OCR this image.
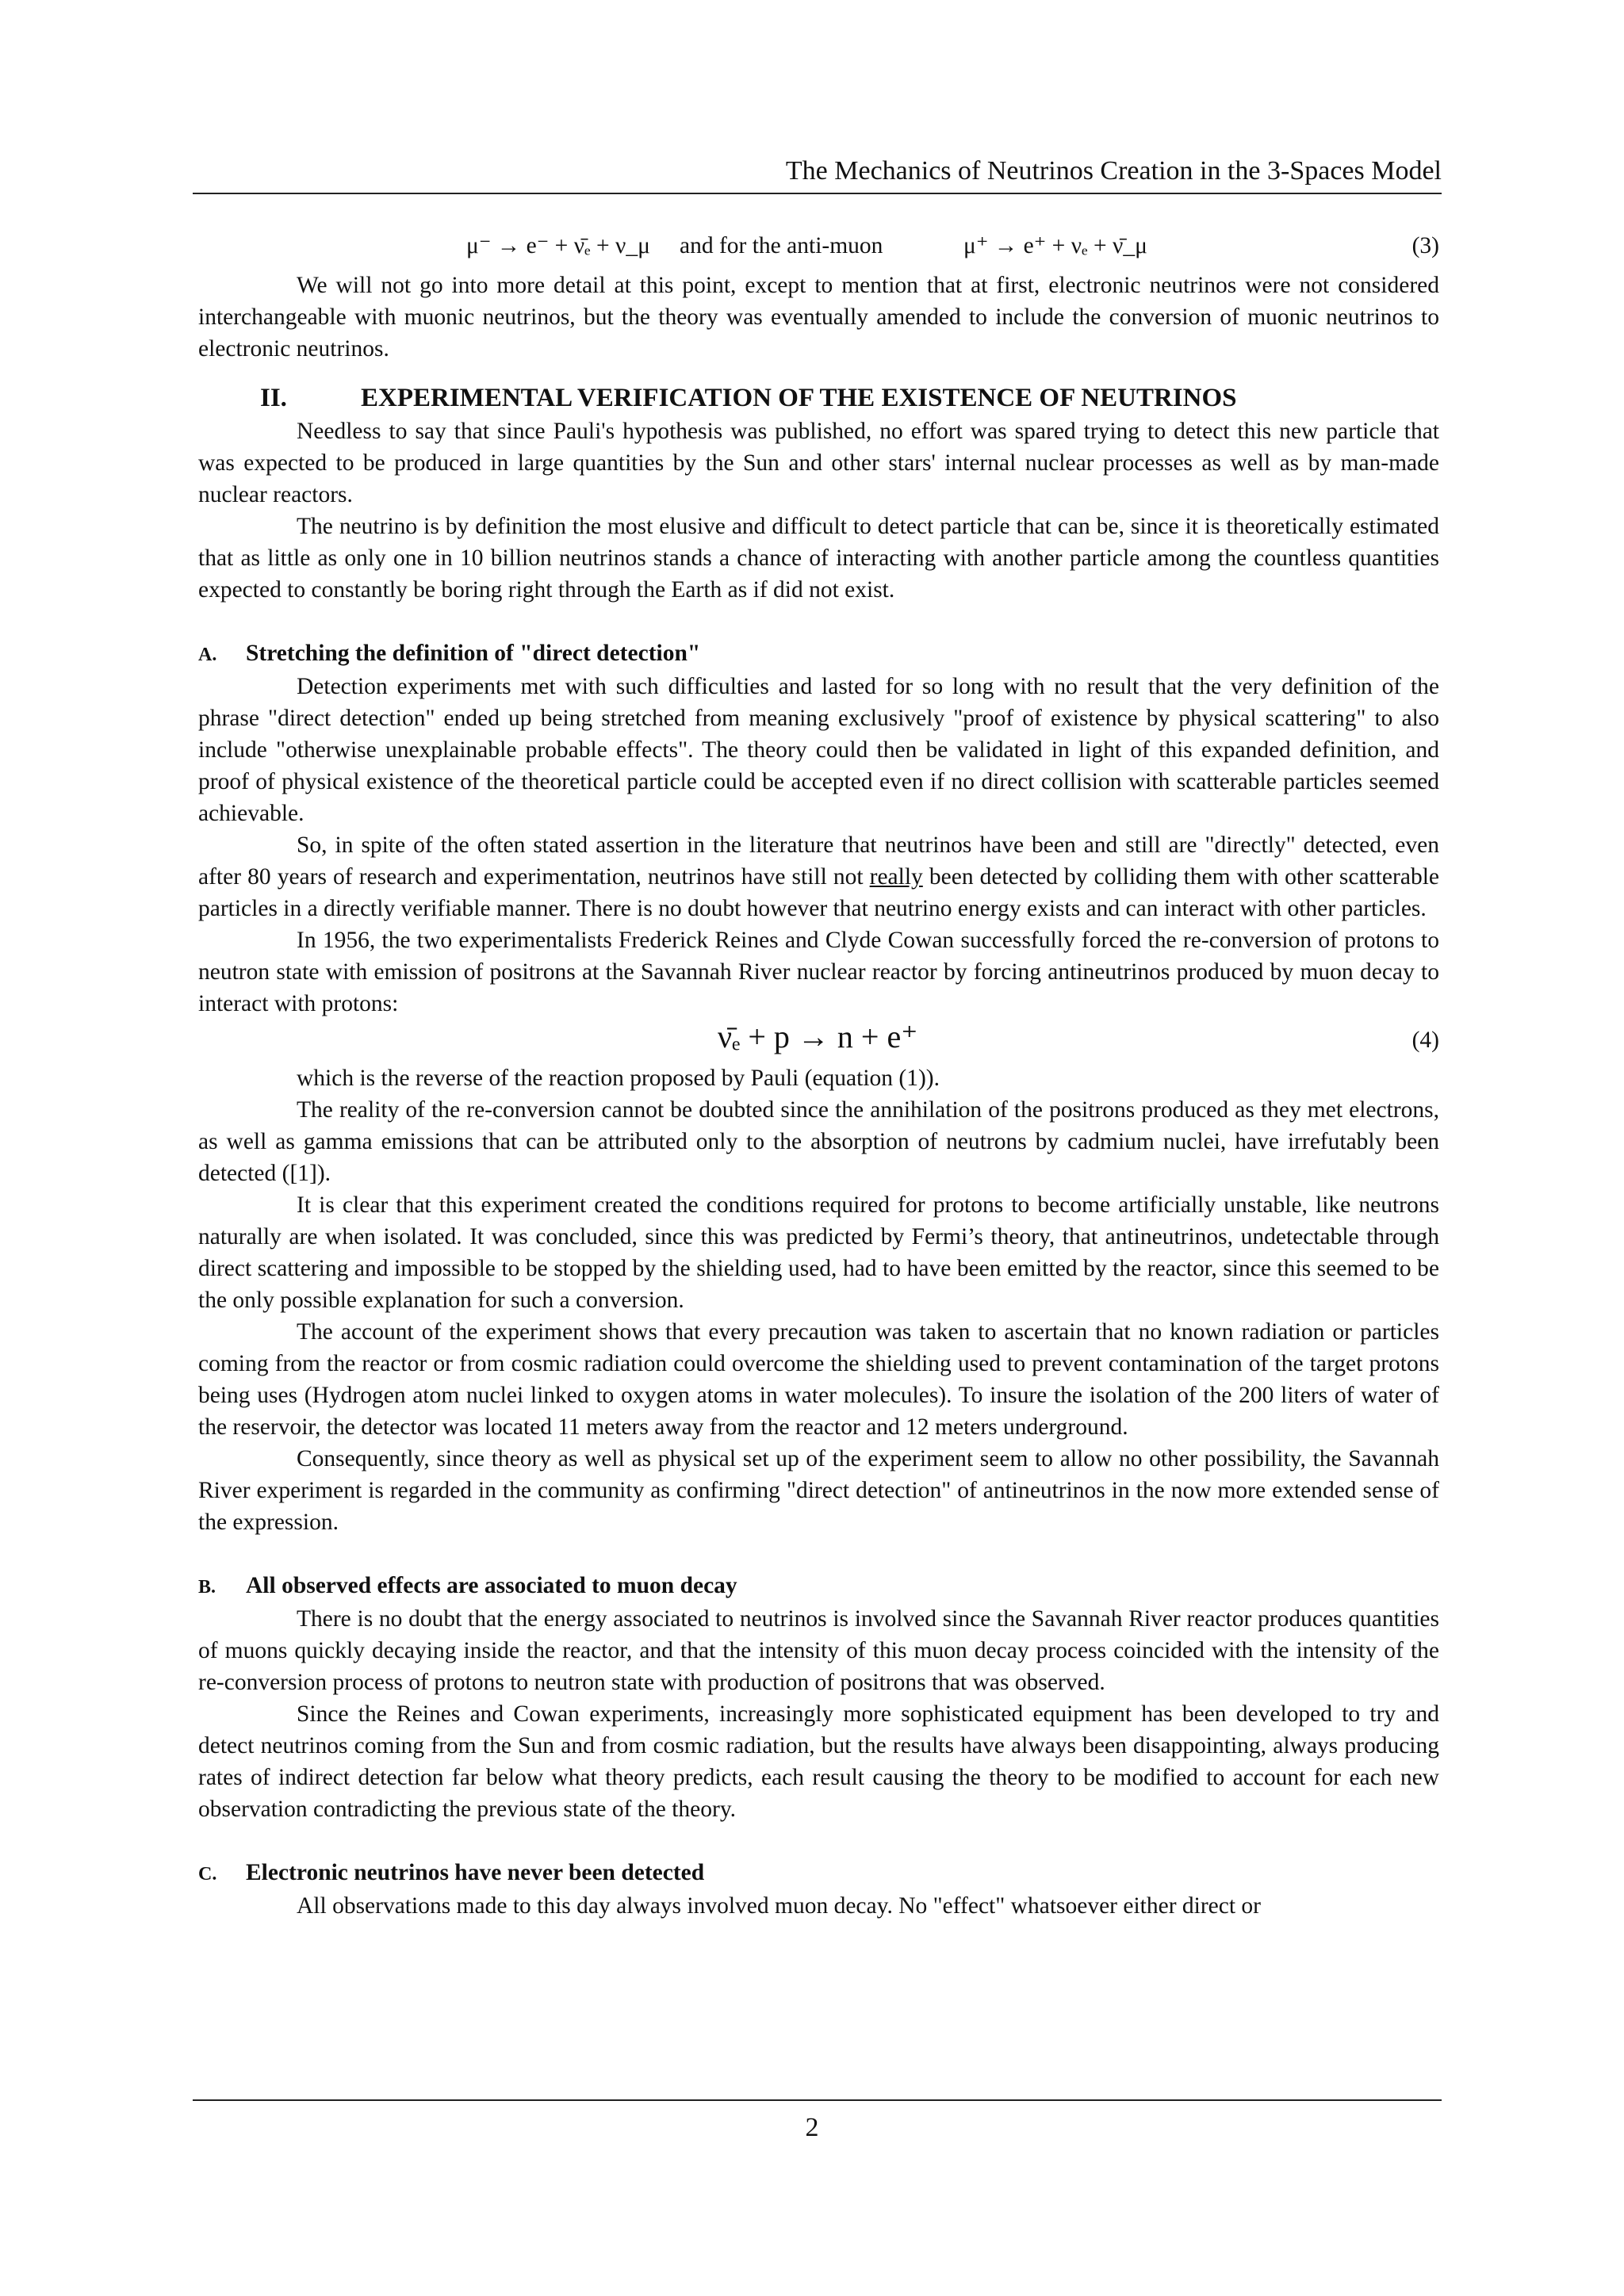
The Mechanics of Neutrinos Creation in the 3-Spaces Model
μ⁻ → e⁻ + ν̄ₑ + ν_μ and for the anti-muon	μ⁺ → e⁺ + νₑ + ν̄_μ	(3)

We will not go into more detail at this point, except to mention that at first, electronic neutrinos were not considered interchangeable with muonic neutrinos, but the theory was eventually amended to include the conversion of muonic neutrinos to electronic neutrinos.

II.	EXPERIMENTAL VERIFICATION OF THE EXISTENCE OF NEUTRINOS

Needless to say that since Pauli's hypothesis was published, no effort was spared trying to detect this new particle that was expected to be produced in large quantities by the Sun and other stars' internal nuclear processes as well as by man-made nuclear reactors.

The neutrino is by definition the most elusive and difficult to detect particle that can be, since it is theoretically estimated that as little as only one in 10 billion neutrinos stands a chance of interacting with another particle among the countless quantities expected to constantly be boring right through the Earth as if did not exist.

A. Stretching the definition of "direct detection"

Detection experiments met with such difficulties and lasted for so long with no result that the very definition of the phrase "direct detection" ended up being stretched from meaning exclusively "proof of existence by physical scattering" to also include "otherwise unexplainable probable effects". The theory could then be validated in light of this expanded definition, and proof of physical existence of the theoretical particle could be accepted even if no direct collision with scatterable particles seemed achievable.

So, in spite of the often stated assertion in the literature that neutrinos have been and still are "directly" detected, even after 80 years of research and experimentation, neutrinos have still not really been detected by colliding them with other scatterable particles in a directly verifiable manner. There is no doubt however that neutrino energy exists and can interact with other particles.

In 1956, the two experimentalists Frederick Reines and Clyde Cowan successfully forced the re-conversion of protons to neutron state with emission of positrons at the Savannah River nuclear reactor by forcing antineutrinos produced by muon decay to interact with protons:

ν̄ₑ + p → n + e⁺	(4)

which is the reverse of the reaction proposed by Pauli (equation (1)).

The reality of the re-conversion cannot be doubted since the annihilation of the positrons produced as they met electrons, as well as gamma emissions that can be attributed only to the absorption of neutrons by cadmium nuclei, have irrefutably been detected ([1]).

It is clear that this experiment created the conditions required for protons to become artificially unstable, like neutrons naturally are when isolated. It was concluded, since this was predicted by Fermi’s theory, that antineutrinos, undetectable through direct scattering and impossible to be stopped by the shielding used, had to have been emitted by the reactor, since this seemed to be the only possible explanation for such a conversion.

The account of the experiment shows that every precaution was taken to ascertain that no known radiation or particles coming from the reactor or from cosmic radiation could overcome the shielding used to prevent contamination of the target protons being uses (Hydrogen atom nuclei linked to oxygen atoms in water molecules). To insure the isolation of the 200 liters of water of the reservoir, the detector was located 11 meters away from the reactor and 12 meters underground.

Consequently, since theory as well as physical set up of the experiment seem to allow no other possibility, the Savannah River experiment is regarded in the community as confirming "direct detection" of antineutrinos in the now more extended sense of the expression.

B. All observed effects are associated to muon decay

There is no doubt that the energy associated to neutrinos is involved since the Savannah River reactor produces quantities of muons quickly decaying inside the reactor, and that the intensity of this muon decay process coincided with the intensity of the re-conversion process of protons to neutron state with production of positrons that was observed.

Since the Reines and Cowan experiments, increasingly more sophisticated equipment has been developed to try and detect neutrinos coming from the Sun and from cosmic radiation, but the results have always been disappointing, always producing rates of indirect detection far below what theory predicts, each result causing the theory to be modified to account for each new observation contradicting the previous state of the theory.

C. Electronic neutrinos have never been detected

All observations made to this day always involved muon decay. No "effect" whatsoever either direct or

2
